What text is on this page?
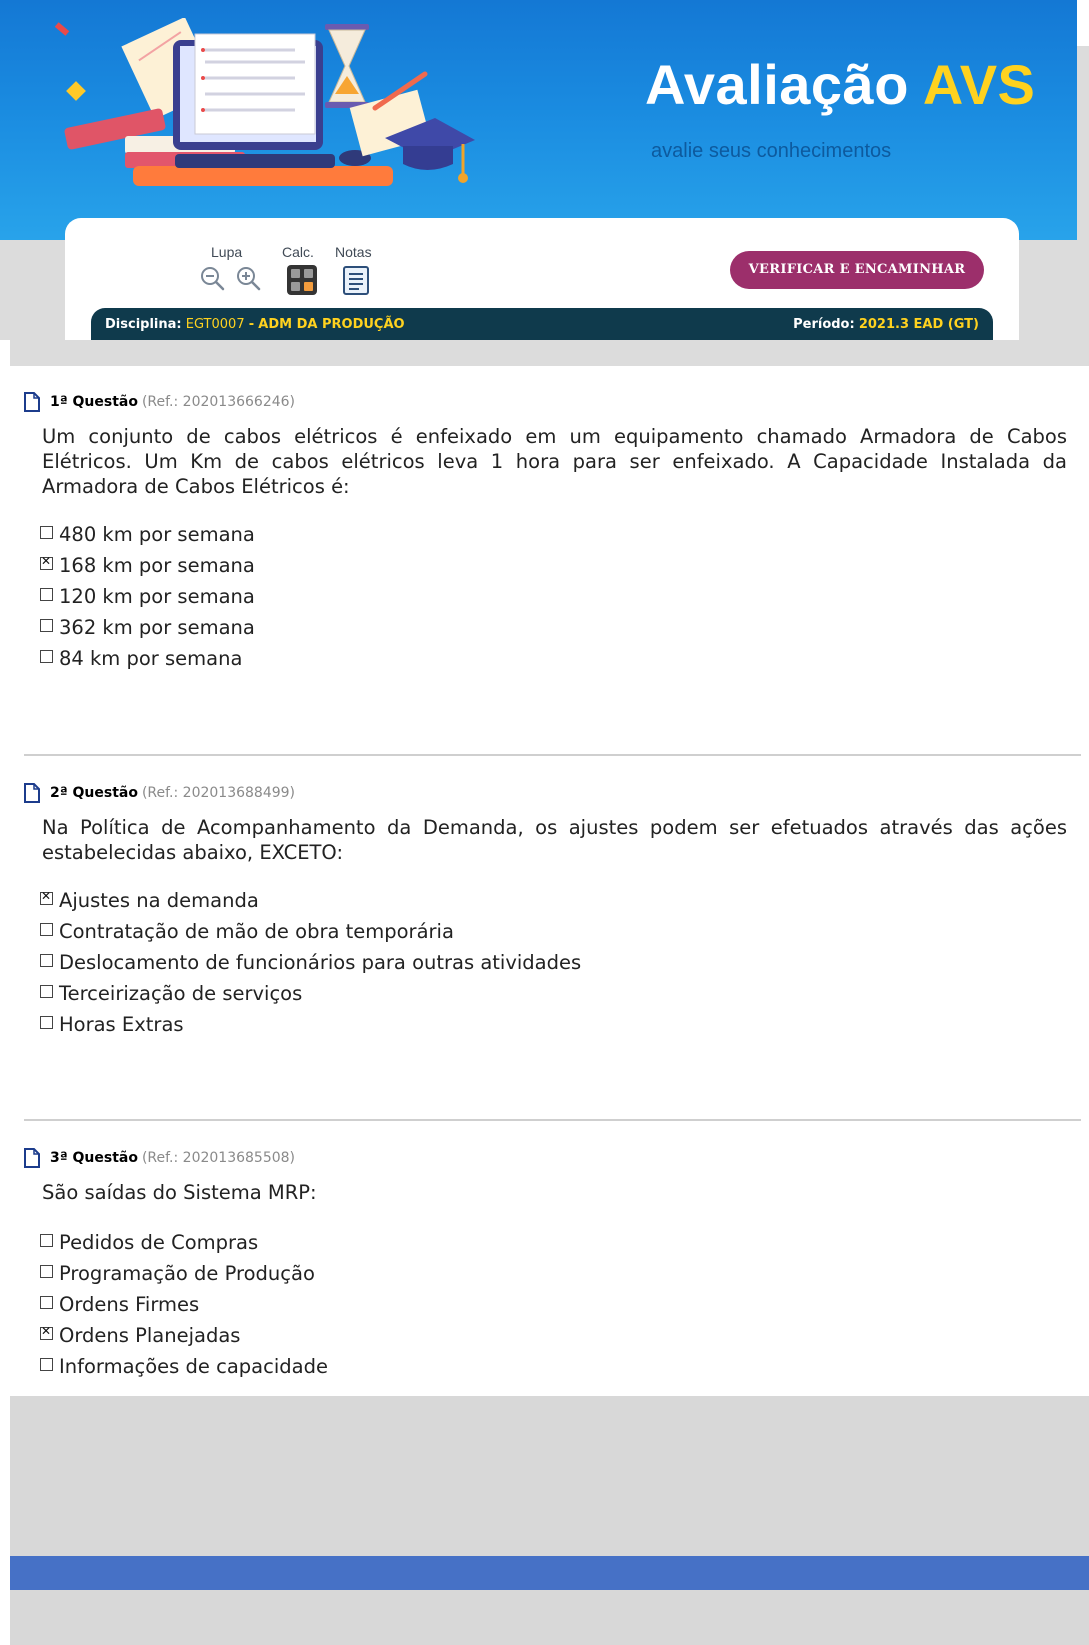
Avaliação AVS
avalie seus conhecimentos
Lupa	Calc. Notas
VERIFICAR E ENCAMINHAR
Disciplina: EGT0007 - ADM DA PRODUÇÃO	Período: 2021.3 EAD (GT)
1ª Questão (Ref.: 202013666246)
Um conjunto de cabos elétricos é enfeixado em um equipamento chamado Armadora de Cabos Elétricos. Um Km de cabos elétricos leva 1 hora para ser enfeixado. A Capacidade Instalada da Armadora de Cabos Elétricos é:
480 km por semana
✕168 km por semana
120 km por semana
362 km por semana
84 km por semana
2ª Questão (Ref.: 202013688499)
Na Política de Acompanhamento da Demanda, os ajustes podem ser efetuados através das ações estabelecidas abaixo, EXCETO:
✕Ajustes na demanda
Contratação de mão de obra temporária
Deslocamento de funcionários para outras atividades
Terceirização de serviços
Horas Extras
3ª Questão (Ref.: 202013685508)
São saídas do Sistema MRP:
Pedidos de Compras
Programação de Produção
Ordens Firmes
✕Ordens Planejadas
Informações de capacidade
